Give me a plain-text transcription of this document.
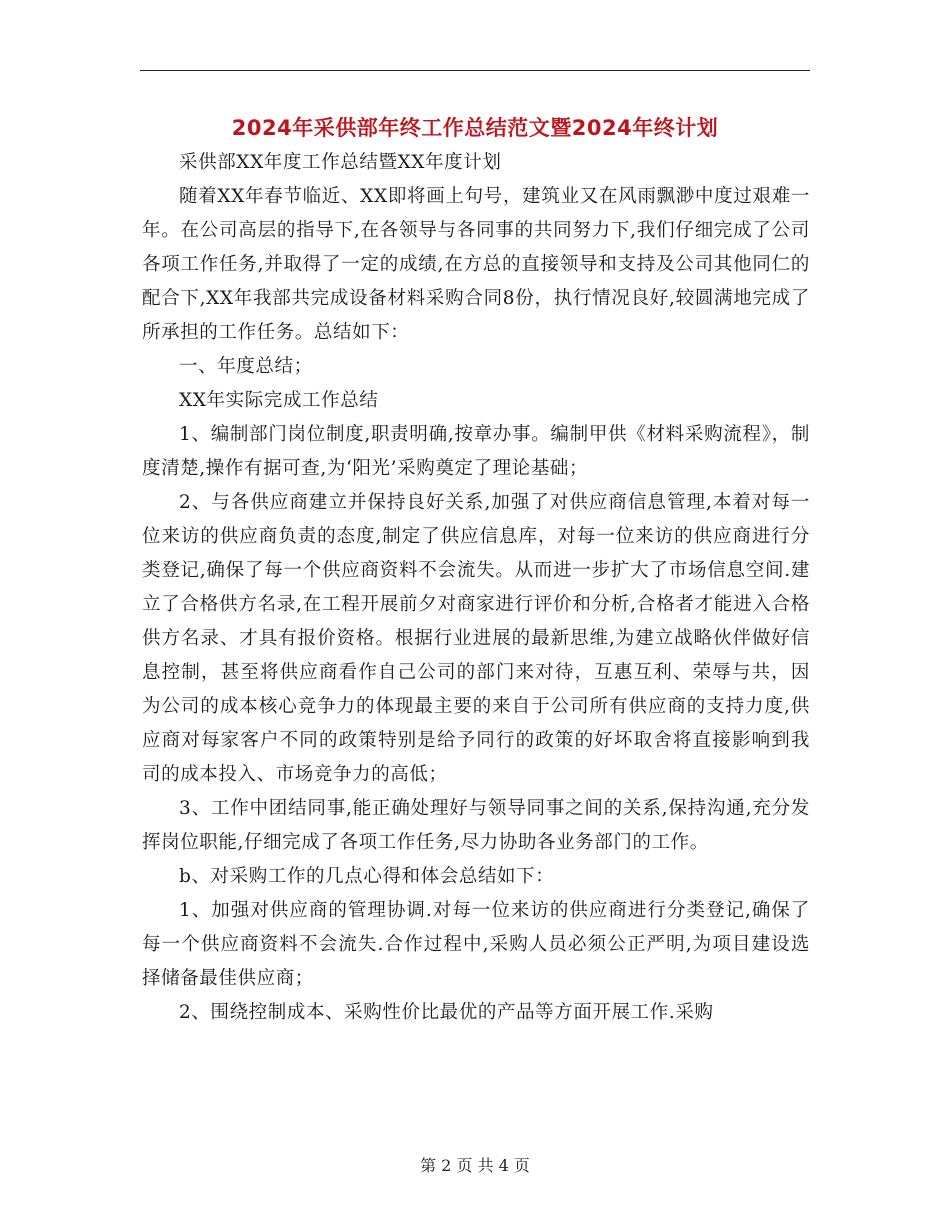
2024年采供部年终工作总结范文暨2024年终计划

采供部XX年度工作总结暨XX年度计划

随着XX年春节临近、XX即将画上句号，建筑业又在风雨飘渺中度过艰难一年。在公司高层的指导下,在各领导与各同事的共同努力下,我们仔细完成了公司各项工作任务,并取得了一定的成绩,在方总的直接领导和支持及公司其他同仁的配合下,XX年我部共完成设备材料采购合同8份，执行情况良好,较圆满地完成了所承担的工作任务。总结如下：

一、年度总结；

XX年实际完成工作总结

1、编制部门岗位制度,职责明确,按章办事。编制甲供《材料采购流程》，制度清楚,操作有据可查,为‘阳光’采购奠定了理论基础；

2、与各供应商建立并保持良好关系,加强了对供应商信息管理,本着对每一位来访的供应商负责的态度,制定了供应信息库，对每一位来访的供应商进行分类登记,确保了每一个供应商资料不会流失。从而进一步扩大了市场信息空间.建立了合格供方名录,在工程开展前夕对商家进行评价和分析,合格者才能进入合格供方名录、才具有报价资格。根据行业进展的最新思维,为建立战略伙伴做好信息控制，甚至将供应商看作自己公司的部门来对待，互惠互利、荣辱与共，因为公司的成本核心竞争力的体现最主要的来自于公司所有供应商的支持力度,供应商对每家客户不同的政策特别是给予同行的政策的好坏取舍将直接影响到我司的成本投入、市场竞争力的高低；

3、工作中团结同事,能正确处理好与领导同事之间的关系,保持沟通,充分发挥岗位职能,仔细完成了各项工作任务,尽力协助各业务部门的工作。

b、对采购工作的几点心得和体会总结如下：

1、加强对供应商的管理协调.对每一位来访的供应商进行分类登记,确保了每一个供应商资料不会流失.合作过程中,采购人员必须公正严明,为项目建设选择储备最佳供应商；

2、围绕控制成本、采购性价比最优的产品等方面开展工作.采购

第 2 页 共 4 页
